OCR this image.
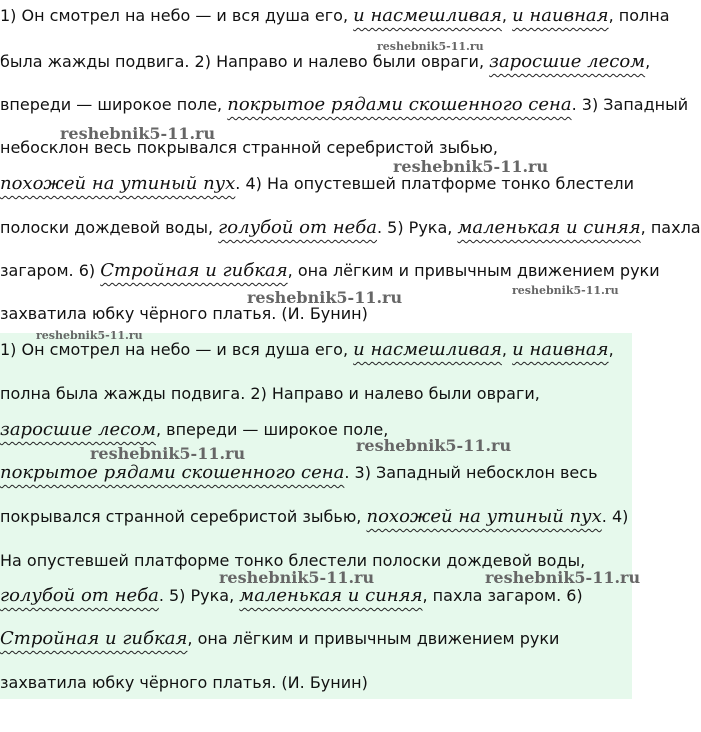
1) Он смотрел на небо — и вся душа его, и насмешливая, и наивная, полна
была жажды подвига. 2) Направо и налево были овраги, заросшие лесом,
впереди — широкое поле, покрытое рядами скошенного сена. 3) Западный
небосклон весь покрывался странной серебристой зыбью,
похожей на утиный пух. 4) На опустевшей платформе тонко блестели
полоски дождевой воды, голубой от неба. 5) Рука, маленькая и синяя, пахла
загаром. 6) Стройная и гибкая, она лёгким и привычным движением руки
захватила юбку чёрного платья. (И. Бунин)
1) Он смотрел на небо — и вся душа его, и насмешливая, и наивная,
полна была жажды подвига. 2) Направо и налево были овраги,
заросшие лесом, впереди — широкое поле,
покрытое рядами скошенного сена. 3) Западный небосклон весь
покрывался странной серебристой зыбью, похожей на утиный пух. 4)
На опустевшей платформе тонко блестели полоски дождевой воды,
голубой от неба. 5) Рука, маленькая и синяя, пахла загаром. 6)
Стройная и гибкая, она лёгким и привычным движением руки
захватила юбку чёрного платья. (И. Бунин)
reshebnik5-11.ru
reshebnik5-11.ru
reshebnik5-11.ru
reshebnik5-11.ru	reshebnik5-11.ru
reshebnik5-11.ru
reshebnik5-11.ru
reshebnik5-11.ru
reshebnik5-11.ru	reshebnik5-11.ru
